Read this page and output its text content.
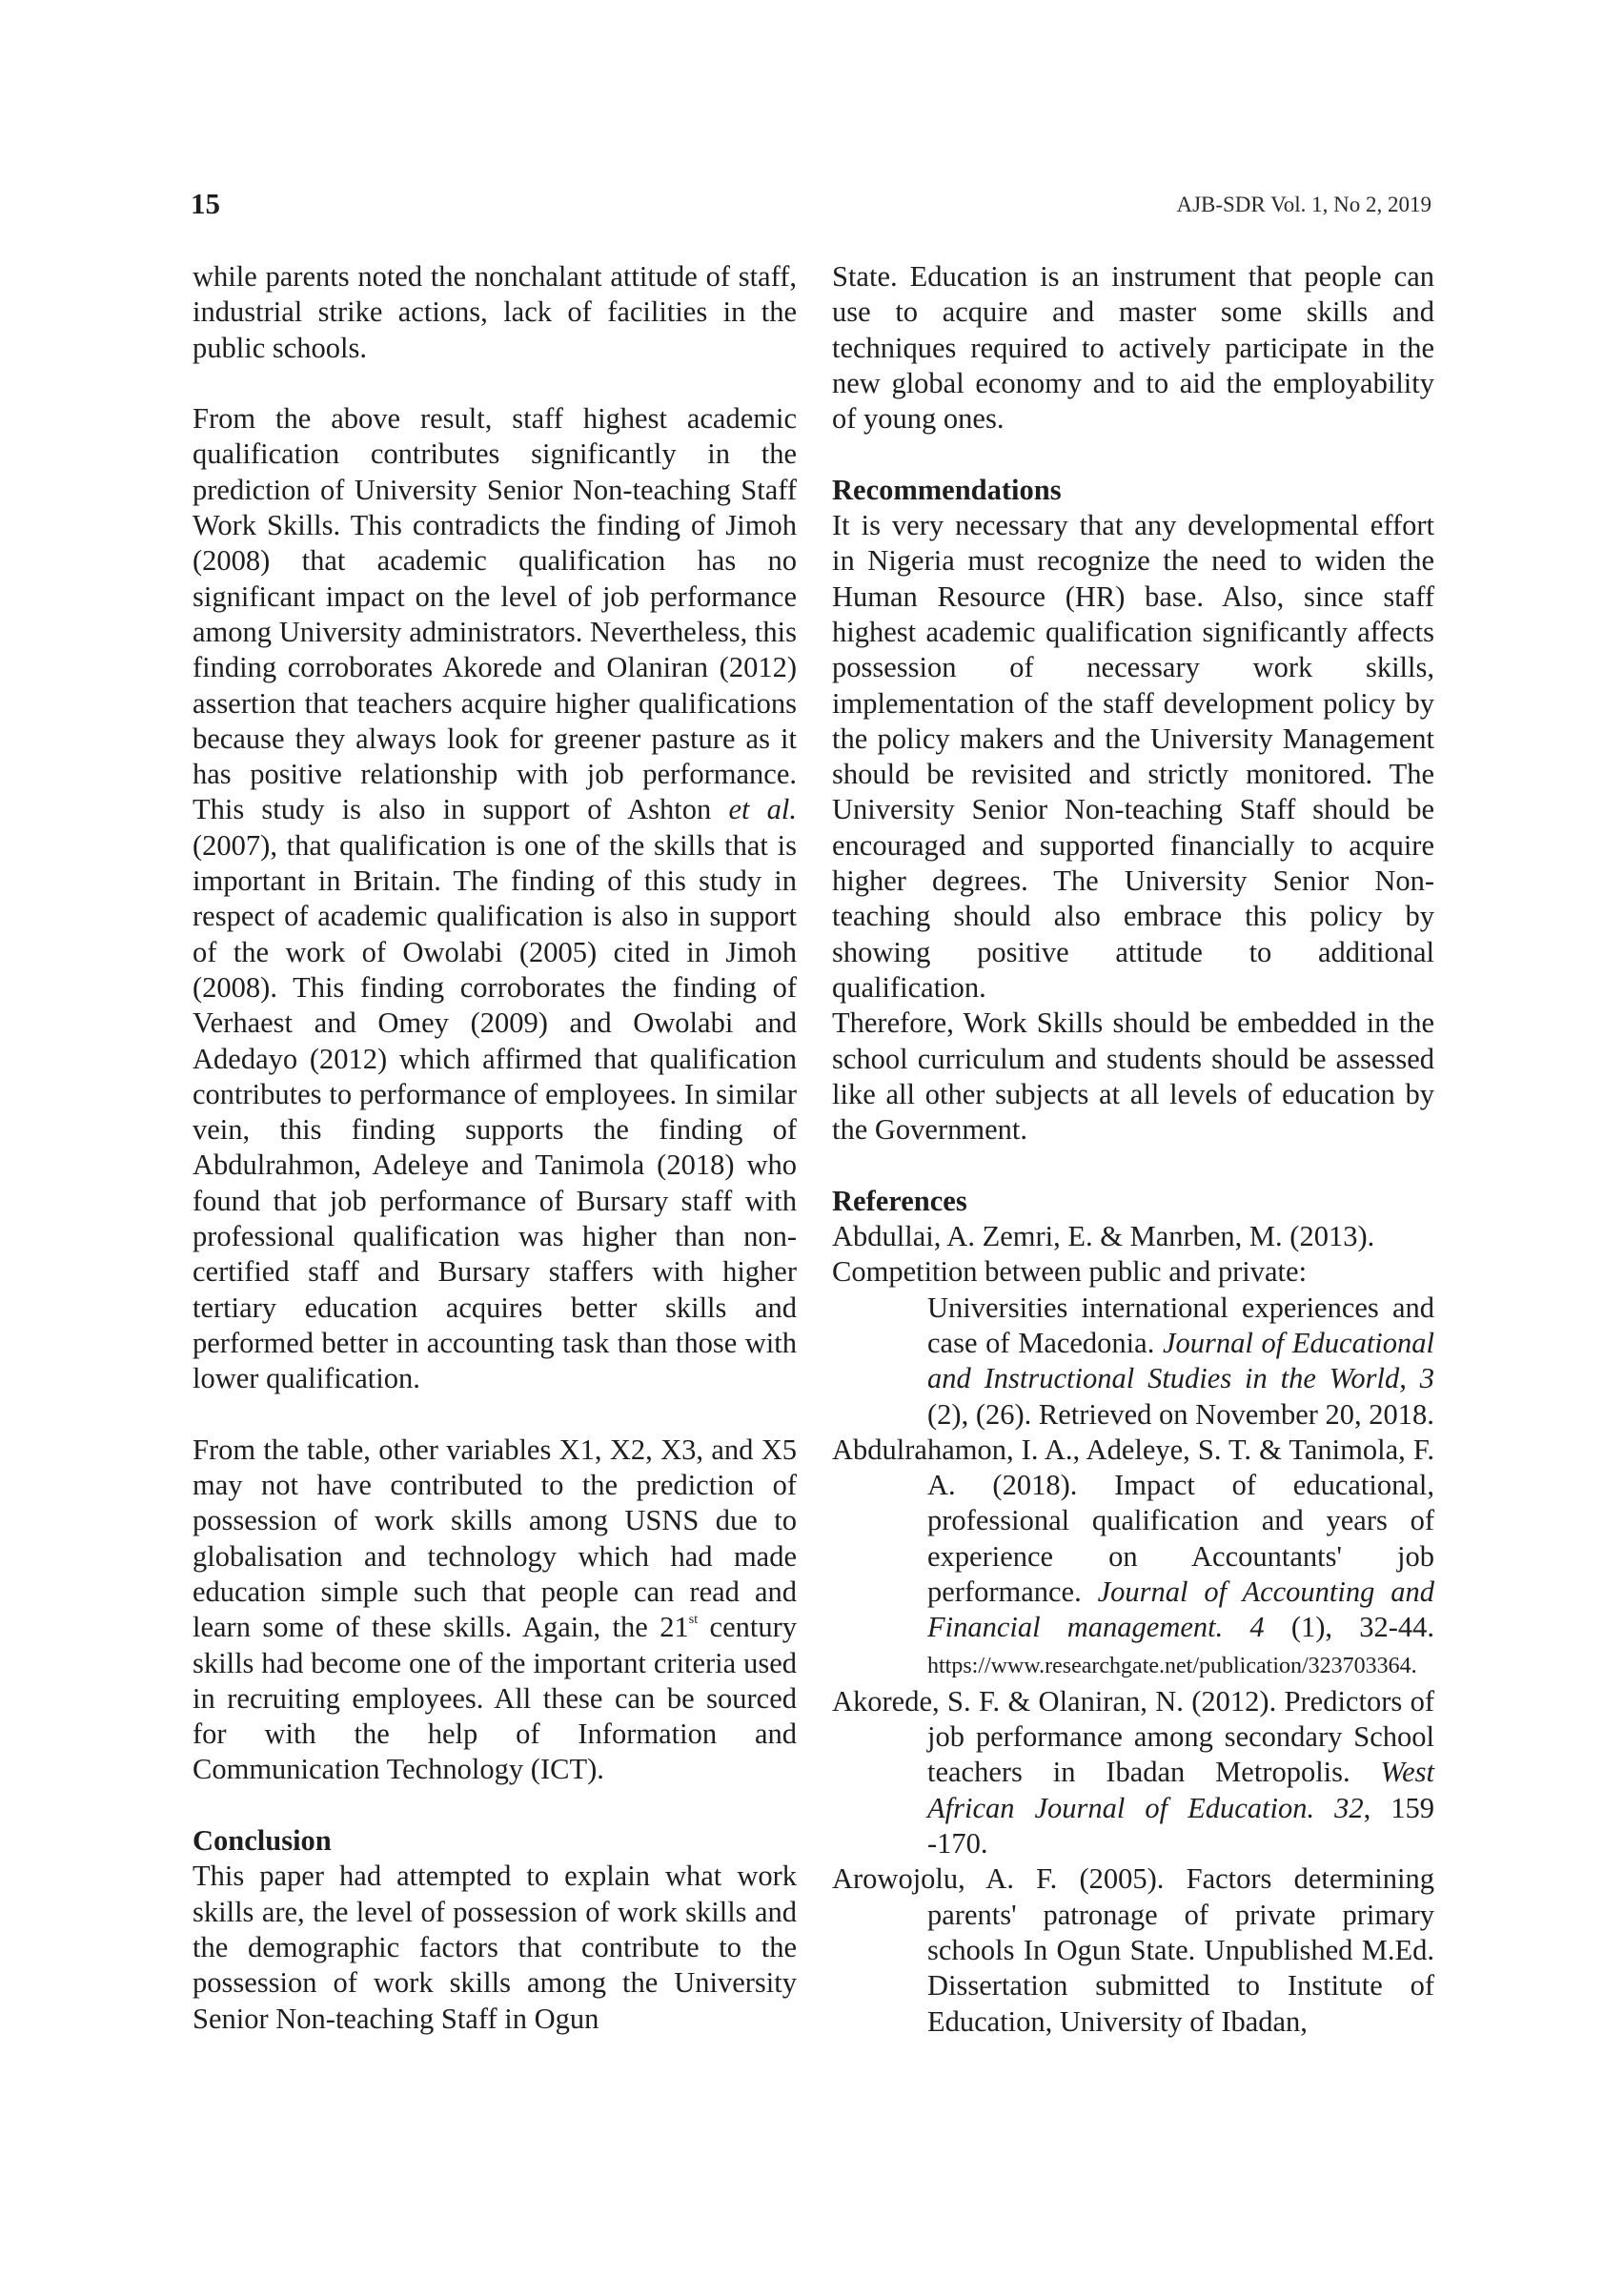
15	AJB-SDR Vol. 1, No 2, 2019

while parents noted the nonchalant attitude of staff, industrial strike actions, lack of facilities in the public schools.

From the above result, staff highest academic qualification contributes significantly in the prediction of University Senior Non-teaching Staff Work Skills. This contradicts the finding of Jimoh (2008) that academic qualification has no significant impact on the level of job performance among University administrators. Nevertheless, this finding corroborates Akorede and Olaniran (2012) assertion that teachers acquire higher qualifications because they always look for greener pasture as it has positive relationship with job performance. This study is also in support of Ashton et al. (2007), that qualification is one of the skills that is important in Britain. The finding of this study in respect of academic qualification is also in support of the work of Owolabi (2005) cited in Jimoh (2008). This finding corroborates the finding of Verhaest and Omey (2009) and Owolabi and Adedayo (2012) which affirmed that qualification contributes to performance of employees. In similar vein, this finding supports the finding of Abdulrahmon, Adeleye and Tanimola (2018) who found that job performance of Bursary staff with professional qualification was higher than non-certified staff and Bursary staffers with higher tertiary education acquires better skills and performed better in accounting task than those with lower qualification.

From the table, other variables X1, X2, X3, and X5 may not have contributed to the prediction of possession of work skills among USNS due to globalisation and technology which had made education simple such that people can read and learn some of these skills. Again, the 21st century skills had become one of the important criteria used in recruiting employees. All these can be sourced for with the help of Information and Communication Technology (ICT).

Conclusion

This paper had attempted to explain what work skills are, the level of possession of work skills and the demographic factors that contribute to the possession of work skills among the University Senior Non-teaching Staff in Ogun

State. Education is an instrument that people can use to acquire and master some skills and techniques required to actively participate in the new global economy and to aid the employability of young ones.

Recommendations

It is very necessary that any developmental effort in Nigeria must recognize the need to widen the Human Resource (HR) base. Also, since staff highest academic qualification significantly affects possession of necessary work skills, implementation of the staff development policy by the policy makers and the University Management should be revisited and strictly monitored. The University Senior Non-teaching Staff should be encouraged and supported financially to acquire higher degrees. The University Senior Non-teaching should also embrace this policy by showing positive attitude to additional qualification.

Therefore, Work Skills should be embedded in the school curriculum and students should be assessed like all other subjects at all levels of education by the Government.

References

Abdullai, A. Zemri, E. & Manrben, M. (2013).

Competition between public and private:

Universities international experiences and case of Macedonia. Journal of Educational and Instructional Studies in the World, 3 (2), (26). Retrieved on November 20, 2018.

Abdulrahamon, I. A., Adeleye, S. T. & Tanimola, F. A. (2018). Impact of educational, professional qualification and years of experience on Accountants' job performance. Journal of Accounting and Financial management. 4 (1), 32-44. https://www.researchgate.net/publication/323703364.

Akorede, S. F. & Olaniran, N. (2012). Predictors of job performance among secondary School teachers in Ibadan Metropolis. West African Journal of Education. 32, 159 -170.

Arowojolu, A. F. (2005). Factors determining parents' patronage of private primary schools In Ogun State. Unpublished M.Ed. Dissertation submitted to Institute of Education, University of Ibadan,
